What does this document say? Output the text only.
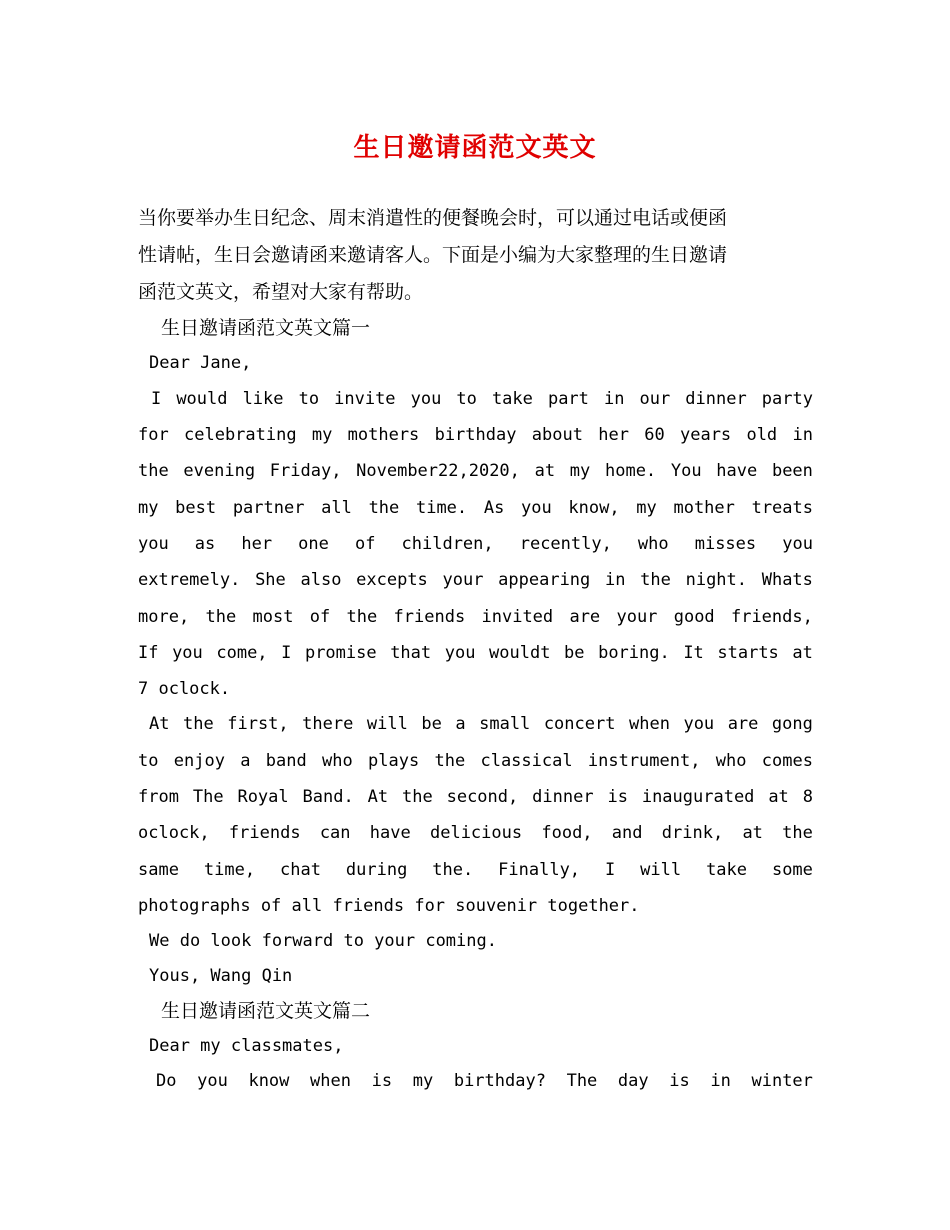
生日邀请函范文英文
当你要举办生日纪念、周末消遣性的便餐晚会时，可以通过电话或便函
性请帖，生日会邀请函来邀请客人。下面是小编为大家整理的生日邀请
函范文英文，希望对大家有帮助。
生日邀请函范文英文篇一
Dear Jane,
I would like to invite you to take part in our dinner party
for celebrating my mothers birthday about her 60 years old in
the evening Friday, November22,2020, at my home. You have been
my best partner all the time. As you know, my mother treats
you as her one of children, recently, who misses you
extremely. She also excepts your appearing in the night. Whats
more, the most of the friends invited are your good friends,
If you come, I promise that you wouldt be boring. It starts at
7 oclock.
At the first, there will be a small concert when you are gong
to enjoy a band who plays the classical instrument, who comes
from The Royal Band. At the second, dinner is inaugurated at 8
oclock, friends can have delicious food, and drink, at the
same time, chat during the. Finally, I will take some
photographs of all friends for souvenir together.
We do look forward to your coming.
Yous, Wang Qin
生日邀请函范文英文篇二
Dear my classmates,
Do you know when is my birthday? The day is in winter
